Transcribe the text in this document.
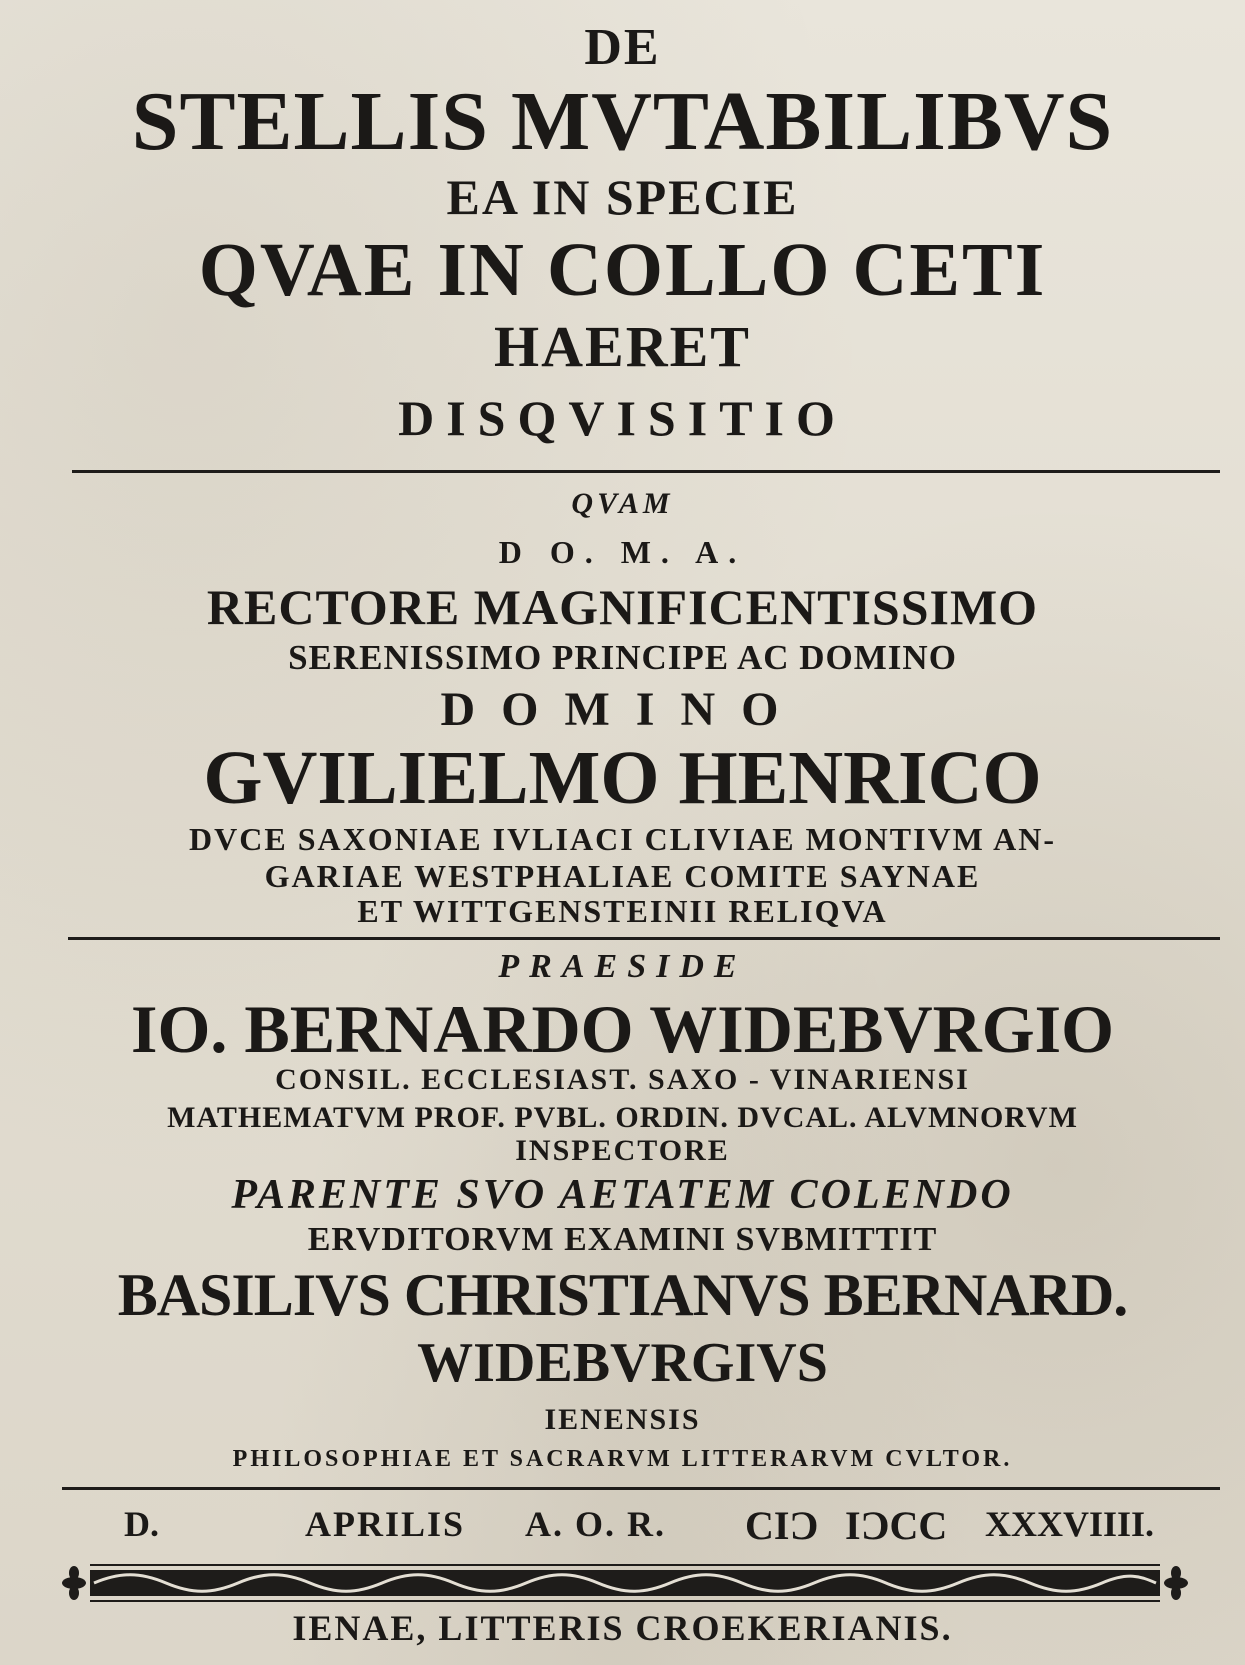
DE

STELLIS MVTABILIBVS

EA IN SPECIE

QVAE IN COLLO CETI

HAERET

DISQVISITIO

QVAM

D O. M. A.

RECTORE MAGNIFICENTISSIMO

SERENISSIMO PRINCIPE AC DOMINO

DOMINO

GVILIELMO HENRICO

DVCE SAXONIAE IVLIACI CLIVIAE MONTIVM AN-

GARIAE WESTPHALIAE COMITE SAYNAE

ET WITTGENSTEINII RELIQVA

PRAESIDE

IO. BERNARDO WIDEBVRGIO

CONSIL. ECCLESIAST. SAXO - VINARIENSI

MATHEMATVM PROF. PVBL. ORDIN. DVCAL. ALVMNORVM

INSPECTORE

PARENTE SVO AETATEM COLENDO

ERVDITORVM EXAMINI SVBMITTIT

BASILIVS CHRISTIANVS BERNARD.

WIDEBVRGIVS

IENENSIS

PHILOSOPHIAE ET SACRARVM LITTERARVM CVLTOR.

D.	APRILIS A. O. R. CIƆ IƆCC XXXVIIII.

IENAE, LITTERIS CROEKERIANIS.
